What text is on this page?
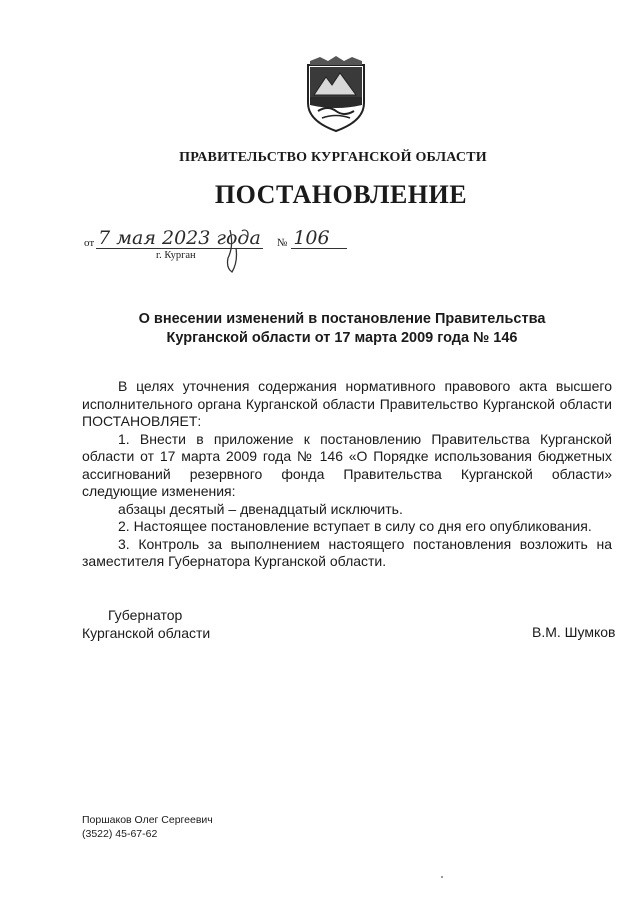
ПРАВИТЕЛЬСТВО КУРГАНСКОЙ ОБЛАСТИ
ПОСТАНОВЛЕНИЕ
от 7 мая 2023 года № 106
г. Курган
О внесении изменений в постановление Правительства
Курганской области от 17 марта 2009 года № 146

В целях уточнения содержания нормативного правового акта высшего исполнительного органа Курганской области Правительство Курганской области ПОСТАНОВЛЯЕТ:

1. Внести в приложение к постановлению Правительства Курганской области от 17 марта 2009 года № 146 «О Порядке использования бюджетных ассигнований резервного фонда Правительства Курганской области» следующие изменения:

абзацы десятый – двенадцатый исключить.

2. Настоящее постановление вступает в силу со дня его опубликования.

3. Контроль за выполнением настоящего постановления возложить на заместителя Губернатора Курганской области.

Губернатор
Курганской области	В.М. Шумков
Поршаков Олег Сергеевич
(3522) 45-67-62
